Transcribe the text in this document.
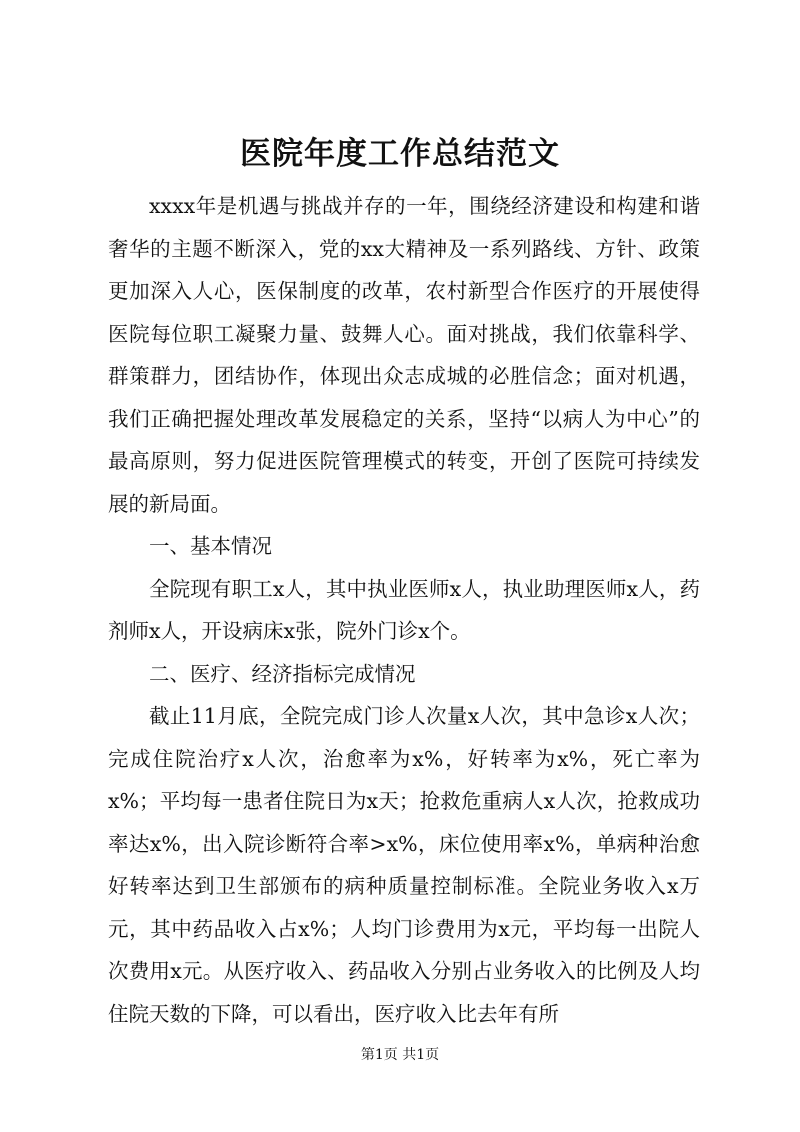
医院年度工作总结范文

xxxx年是机遇与挑战并存的一年，围绕经济建设和构建和谐奢华的主题不断深入，党的xx大精神及一系列路线、方针、政策更加深入人心，医保制度的改革，农村新型合作医疗的开展使得医院每位职工凝聚力量、鼓舞人心。面对挑战，我们依靠科学、群策群力，团结协作，体现出众志成城的必胜信念；面对机遇，我们正确把握处理改革发展稳定的关系，坚持“以病人为中心”的最高原则，努力促进医院管理模式的转变，开创了医院可持续发展的新局面。

一、基本情况

全院现有职工x人，其中执业医师x人，执业助理医师x人，药剂师x人，开设病床x张，院外门诊x个。

二、医疗、经济指标完成情况

截止11月底，全院完成门诊人次量x人次，其中急诊x人次；完成住院治疗x人次，治愈率为x%，好转率为x%，死亡率为x%；平均每一患者住院日为x天；抢救危重病人x人次，抢救成功率达x%，出入院诊断符合率>x%，床位使用率x%，单病种治愈好转率达到卫生部颁布的病种质量控制标准。全院业务收入x万元，其中药品收入占x%；人均门诊费用为x元，平均每一出院人次费用x元。从医疗收入、药品收入分别占业务收入的比例及人均住院天数的下降，可以看出，医疗收入比去年有所

第1页 共1页
